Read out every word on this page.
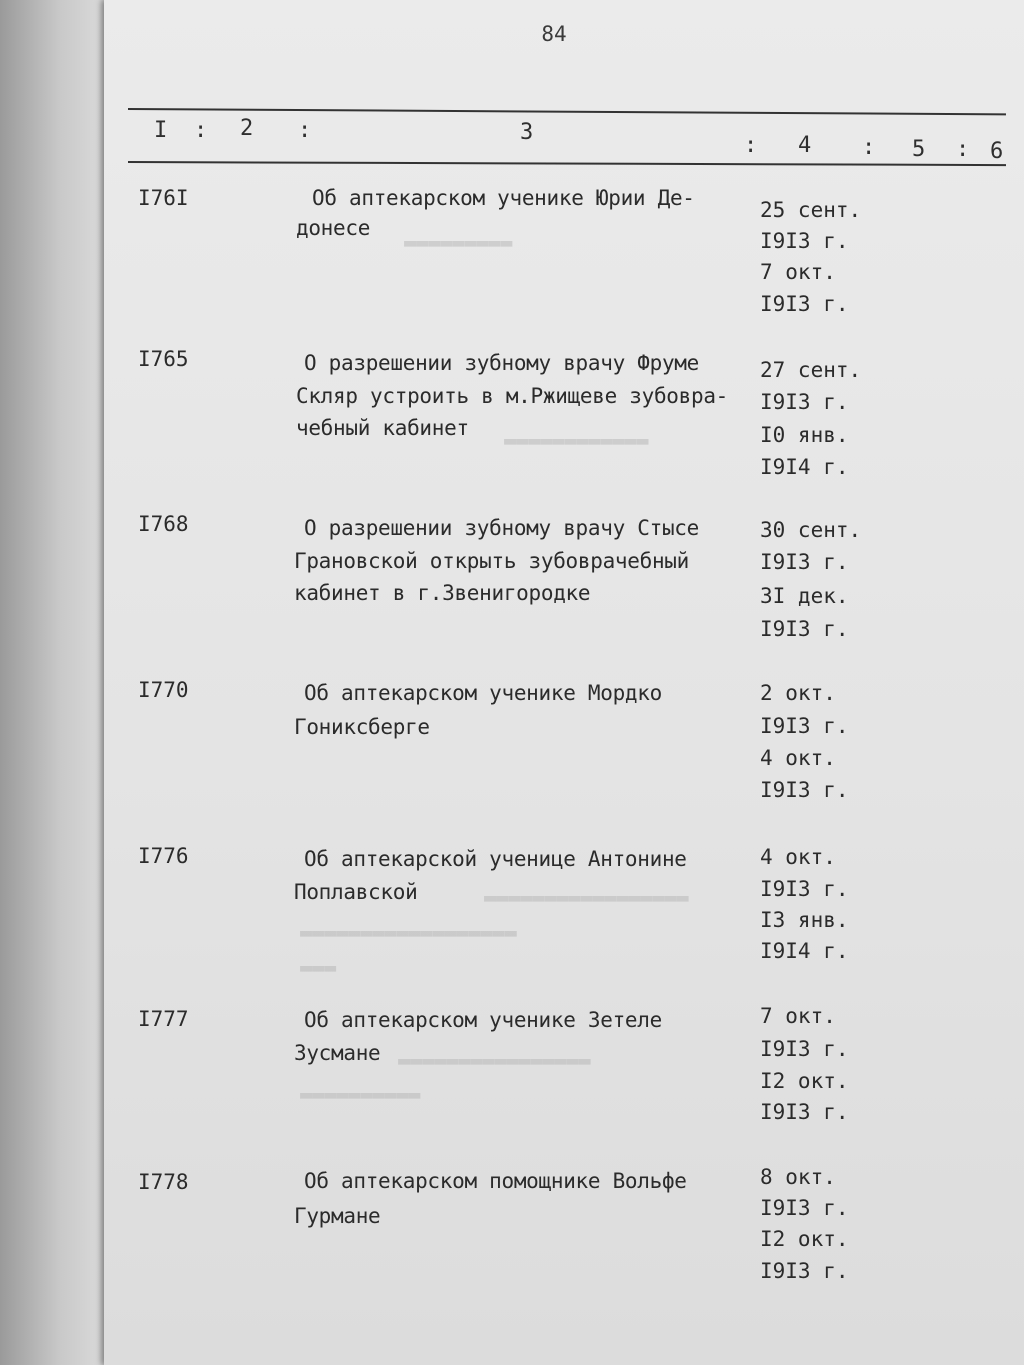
84
I : 2 :	3
: 4 : 5 : 6
▬▬▬▬▬▬▬▬▬
▬▬▬▬▬▬▬▬▬▬▬▬
▬▬▬▬▬▬▬▬▬▬▬▬▬▬▬▬▬
▬▬▬▬▬▬▬▬▬▬▬▬▬▬▬▬▬▬
▬▬▬
▬▬▬▬▬▬▬▬▬▬▬▬▬▬▬▬
▬▬▬▬▬▬▬▬▬▬
I76I	Об аптекарском ученике Юрии Де-
донесе
25 сент.
I9I3 г.
7 окт.
I9I3 г.
I765	О разрешении зубному врачу Фруме
Скляр устроить в м.Ржищеве зубовра-
чебный кабинет
27 сент.
I9I3 г.
I0 янв.
I9I4 г.
I768	О разрешении зубному врачу Стысе
Грановской открыть зубоврачебный
кабинет в г.Звенигородке
30 сент.
I9I3 г.
3I дек.
I9I3 г.
I770	Об аптекарском ученике Мордко
Гониксберге
2 окт.
I9I3 г.
4 окт.
I9I3 г.
I776	Об аптекарской ученице Антонине
Поплавской
4 окт.
I9I3 г.
I3 янв.
I9I4 г.
I777	Об аптекарском ученике Зетеле
Зусмане
7 окт.
I9I3 г.
I2 окт.
I9I3 г.
I778	Об аптекарском помощнике Вольфе
Гурмане
8 окт.
I9I3 г.
I2 окт.
I9I3 г.
